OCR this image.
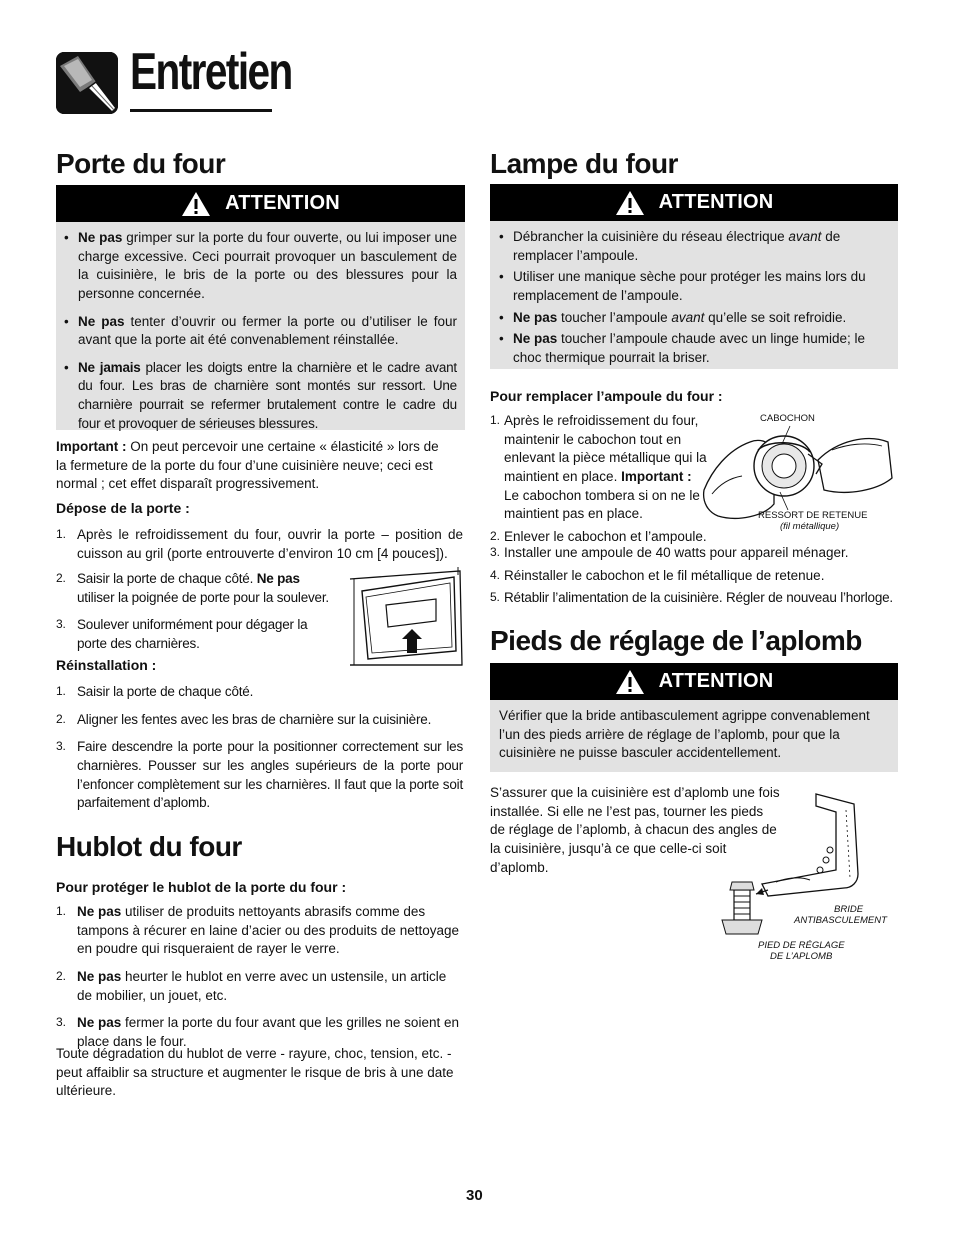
Entretien
Porte du four
ATTENTION
• Ne pas grimper sur la porte du four ouverte, ou lui imposer une charge excessive. Ceci pourrait provoquer un basculement de la cuisinière, le bris de la porte ou des blessures pour la personne concernée.
• Ne pas tenter d’ouvrir ou fermer la porte ou d’utiliser le four avant que la porte ait été convenablement réinstallée.
• Ne jamais placer les doigts entre la charnière et le cadre avant du four. Les bras de charnière sont montés sur ressort. Une charnière pourrait se refermer brutalement contre le cadre du four et provoquer de sérieuses blessures.
Important : On peut percevoir une certaine « élasticité » lors de la fermeture de la porte du four d’une cuisinière neuve; ceci est normal ; cet effet disparaît progressivement.
Dépose de la porte :
1. Après le refroidissement du four, ouvrir la porte – position de cuisson au gril (porte entrouverte d’environ 10 cm [4 pouces]).
2. Saisir la porte de chaque côté. Ne pas utiliser la poignée de porte pour la soulever.
3. Soulever uniformément pour dégager la porte des charnières.
Réinstallation :
1. Saisir la porte de chaque côté.
2. Aligner les fentes avec les bras de charnière sur la cuisinière.
3. Faire descendre la porte pour la positionner correctement sur les charnières. Pousser sur les angles supérieurs de la porte pour l’enfoncer complètement sur les charnières. Il faut que la porte soit parfaitement d’aplomb.
Hublot du four
Pour protéger le hublot de la porte du four :
1. Ne pas utiliser de produits nettoyants abrasifs comme des tampons à récurer en laine d’acier ou des produits de nettoyage en poudre qui risqueraient de rayer le verre.
2. Ne pas heurter le hublot en verre avec un ustensile, un article de mobilier, un jouet, etc.
3. Ne pas fermer la porte du four avant que les grilles ne soient en place dans le four.
Toute dégradation du hublot de verre - rayure, choc, tension, etc. - peut affaiblir sa structure et augmenter le risque de bris à une date ultérieure.
Lampe du four
ATTENTION
• Débrancher la cuisinière du réseau électrique avant de remplacer l’ampoule.
• Utiliser une manique sèche pour protéger les mains lors du remplacement de l’ampoule.
• Ne pas toucher l’ampoule avant qu’elle se soit refroidie.
• Ne pas toucher l’ampoule chaude avec un linge humide; le choc thermique pourrait la briser.
Pour remplacer l’ampoule du four :
1. Après le refroidissement du four, maintenir le cabochon tout en enlevant la pièce métallique qui la maintient en place. Important : Le cabochon tombera si on ne le maintient pas en place.
2. Enlever le cabochon et l’ampoule.
3. Installer une ampoule de 40 watts pour appareil ménager.
4. Réinstaller le cabochon et le fil métallique de retenue.
5. Rétablir l’alimentation de la cuisinière. Régler de nouveau l’horloge.
CABOCHON
RESSORT DE RETENUE
(fil métallique)
Pieds de réglage de l’aplomb
ATTENTION
Vérifier que la bride antibasculement agrippe convenablement l’un des pieds arrière de réglage de l’aplomb, pour que la cuisinière ne puisse basculer accidentellement.
S’assurer que la cuisinière est d’aplomb une fois installée. Si elle ne l’est pas, tourner les pieds de réglage de l’aplomb, à chacun des angles de la cuisinière, jusqu’à ce que celle-ci soit d’aplomb.
BRIDE
ANTIBASCULEMENT
PIED DE RÉGLAGE
DE L’APLOMB
30
